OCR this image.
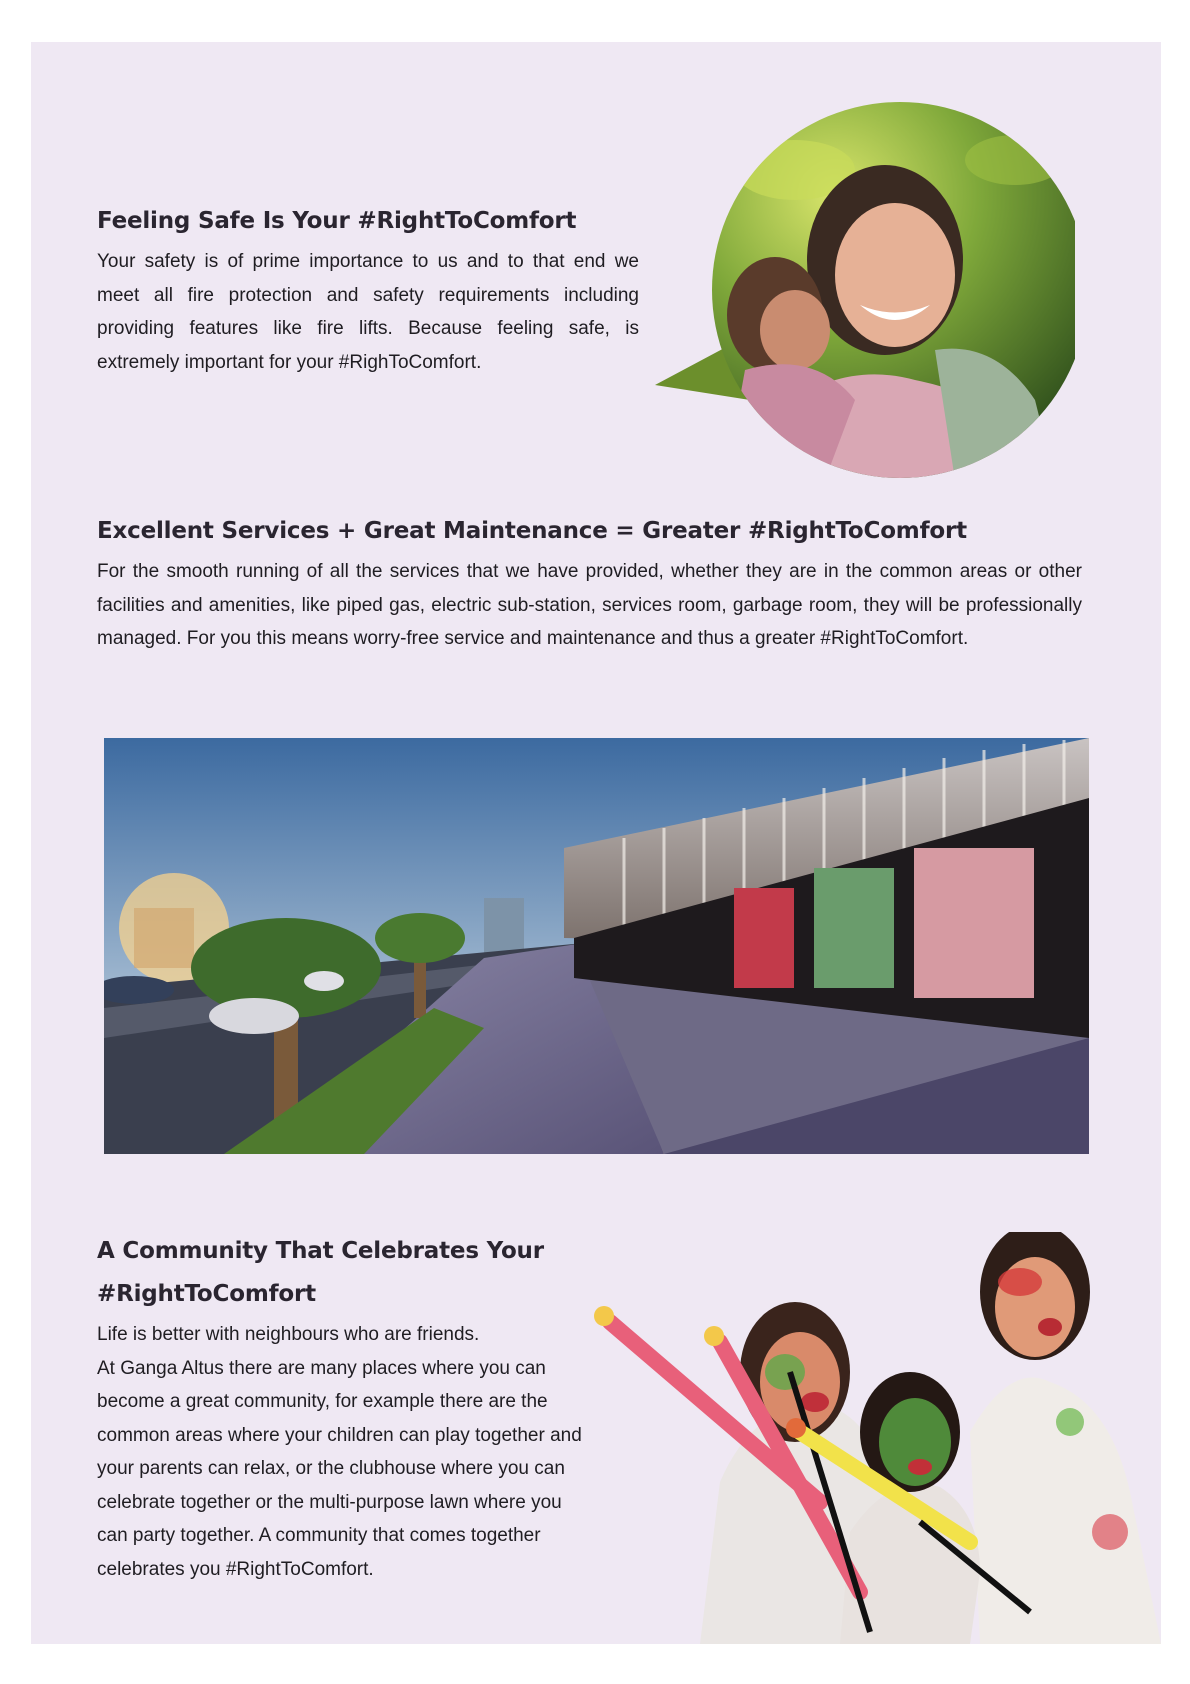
Feeling Safe Is Your #RightToComfort

Your safety is of prime importance to us and to that end we meet all fire protection and safety requirements including providing features like fire lifts. Because feeling safe, is extremely important for your #RighToComfort.

Excellent Services + Great Maintenance = Greater #RightToComfort

For the smooth running of all the services that we have provided, whether they are in the common areas or other facilities and amenities, like piped gas, electric sub-station, services room, garbage room, they will be professionally managed. For you this means worry-free service and maintenance and thus a greater #RightToComfort.

A Community That Celebrates Your
#RightToComfort

Life is better with neighbours who are friends.
At Ganga Altus there are many places where you can
become a great community, for example there are the
common areas where your children can play together and
your parents can relax, or the clubhouse where you can
celebrate together or the multi-purpose lawn where you
can party together. A community that comes together
celebrates you #RightToComfort.
